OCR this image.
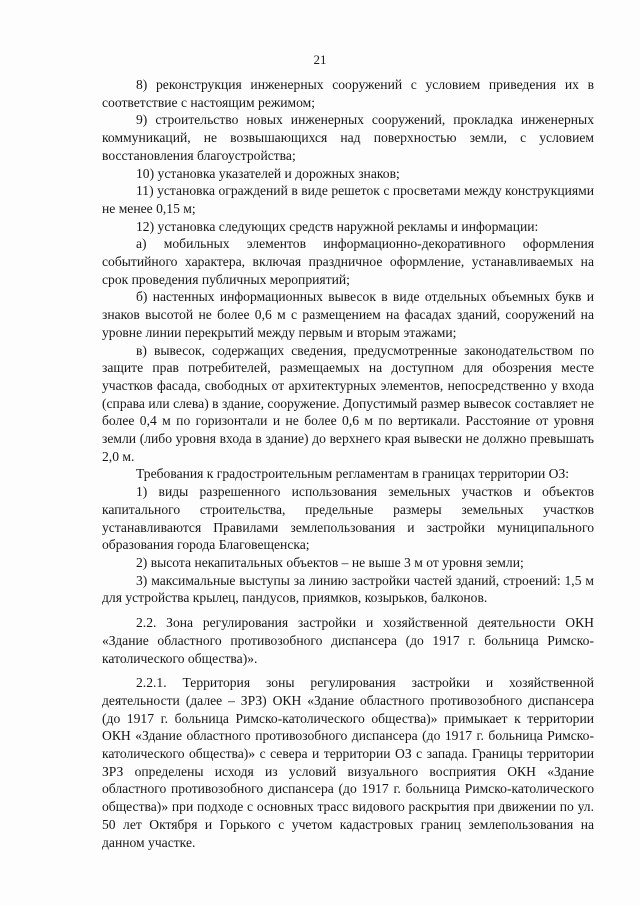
21

8) реконструкция инженерных сооружений с условием приведения их в соответствие с настоящим режимом;

9) строительство новых инженерных сооружений, прокладка инженерных коммуникаций, не возвышающихся над поверхностью земли, с условием восстановления благоустройства;

10) установка указателей и дорожных знаков;

11) установка ограждений в виде решеток с просветами между конструкциями не менее 0,15 м;

12) установка следующих средств наружной рекламы и информации:

а) мобильных элементов информационно-декоративного оформления событийного характера, включая праздничное оформление, устанавливаемых на срок проведения публичных мероприятий;

б) настенных информационных вывесок в виде отдельных объемных букв и знаков высотой не более 0,6 м с размещением на фасадах зданий, сооружений на уровне линии перекрытий между первым и вторым этажами;

в) вывесок, содержащих сведения, предусмотренные законодательством по защите прав потребителей, размещаемых на доступном для обозрения месте участков фасада, свободных от архитектурных элементов, непосредственно у входа (справа или слева) в здание, сооружение. Допустимый размер вывесок составляет не более 0,4 м по горизонтали и не более 0,6 м по вертикали. Расстояние от уровня земли (либо уровня входа в здание) до верхнего края вывески не должно превышать 2,0 м.

Требования к градостроительным регламентам в границах территории ОЗ:

1) виды разрешенного использования земельных участков и объектов капитального строительства, предельные размеры земельных участков устанавливаются Правилами землепользования и застройки муниципального образования города Благовещенска;

2) высота некапитальных объектов – не выше 3 м от уровня земли;

3) максимальные выступы за линию застройки частей зданий, строений: 1,5 м для устройства крылец, пандусов, приямков, козырьков, балконов.

2.2. Зона регулирования застройки и хозяйственной деятельности ОКН «Здание областного противозобного диспансера (до 1917 г. больница Римско-католического общества)».

2.2.1. Территория зоны регулирования застройки и хозяйственной деятельности (далее – ЗРЗ) ОКН «Здание областного противозобного диспансера (до 1917 г. больница Римско-католического общества)» примыкает к территории ОКН «Здание областного противозобного диспансера (до 1917 г. больница Римско-католического общества)» с севера и территории ОЗ с запада. Границы территории ЗРЗ определены исходя из условий визуального восприятия ОКН «Здание областного противозобного диспансера (до 1917 г. больница Римско-католического общества)» при подходе с основных трасс видового раскрытия при движении по ул. 50 лет Октября и Горького с учетом кадастровых границ землепользования на данном участке.
